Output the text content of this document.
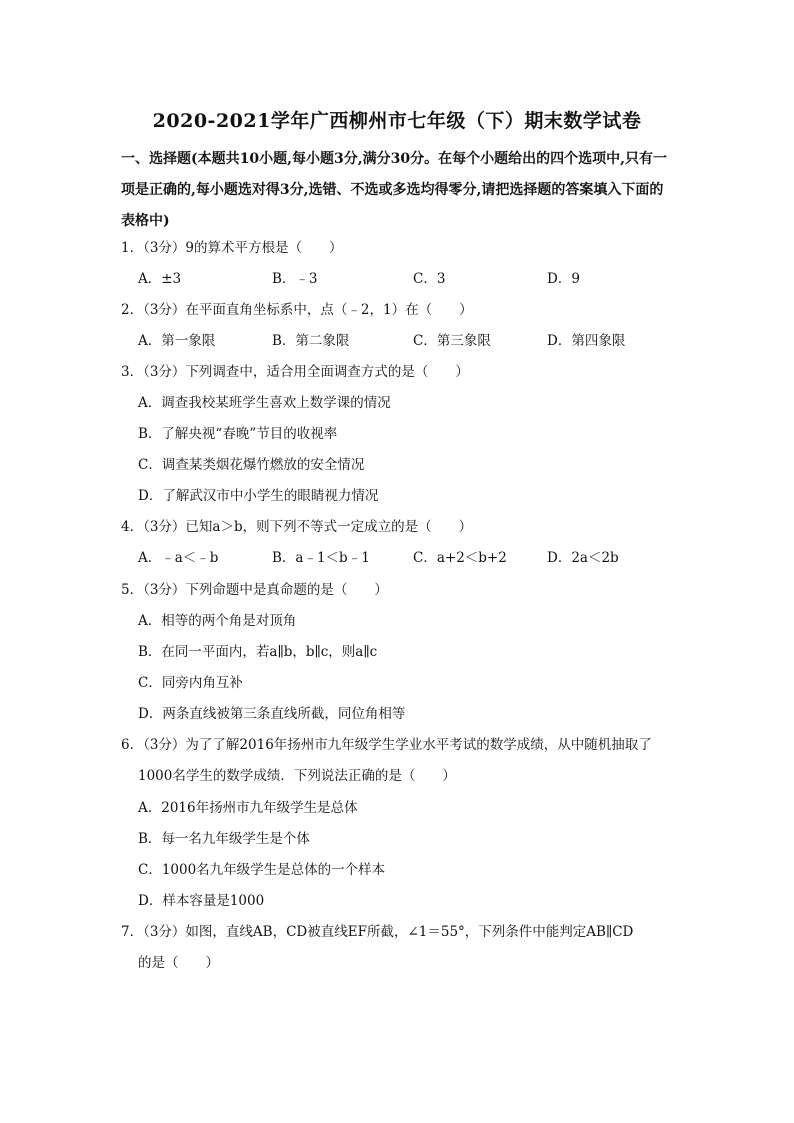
2020-2021学年广西柳州市七年级（下）期末数学试卷
一、选择题(本题共10小题,每小题3分,满分30分。在每个小题给出的四个选项中,只有一项是正确的,每小题选对得3分,选错、不选或多选均得零分,请把选择题的答案填入下面的表格中)
1．（3分）9的算术平方根是（　　）
A．±3	B．﹣3	C．3	D．9
2．（3分）在平面直角坐标系中，点（﹣2，1）在（　　）
A．第一象限	B．第二象限	C．第三象限	D．第四象限
3．（3分）下列调查中，适合用全面调查方式的是（　　）
A．调查我校某班学生喜欢上数学课的情况
B．了解央视“春晚”节目的收视率
C．调查某类烟花爆竹燃放的安全情况
D．了解武汉市中小学生的眼睛视力情况
4．（3分）已知a＞b，则下列不等式一定成立的是（　　）
A．﹣a＜﹣b	B．a﹣1＜b﹣1	C．a+2＜b+2	D．2a＜2b
5．（3分）下列命题中是真命题的是（　　）
A．相等的两个角是对顶角
B．在同一平面内，若a∥b，b∥c，则a∥c
C．同旁内角互补
D．两条直线被第三条直线所截，同位角相等
6．（3分）为了了解2016年扬州市九年级学生学业水平考试的数学成绩，从中随机抽取了
1000名学生的数学成绩．下列说法正确的是（　　）
A．2016年扬州市九年级学生是总体
B．每一名九年级学生是个体
C．1000名九年级学生是总体的一个样本
D．样本容量是1000
7．（3分）如图，直线AB，CD被直线EF所截，∠1＝55°，下列条件中能判定AB∥CD
的是（　　）
